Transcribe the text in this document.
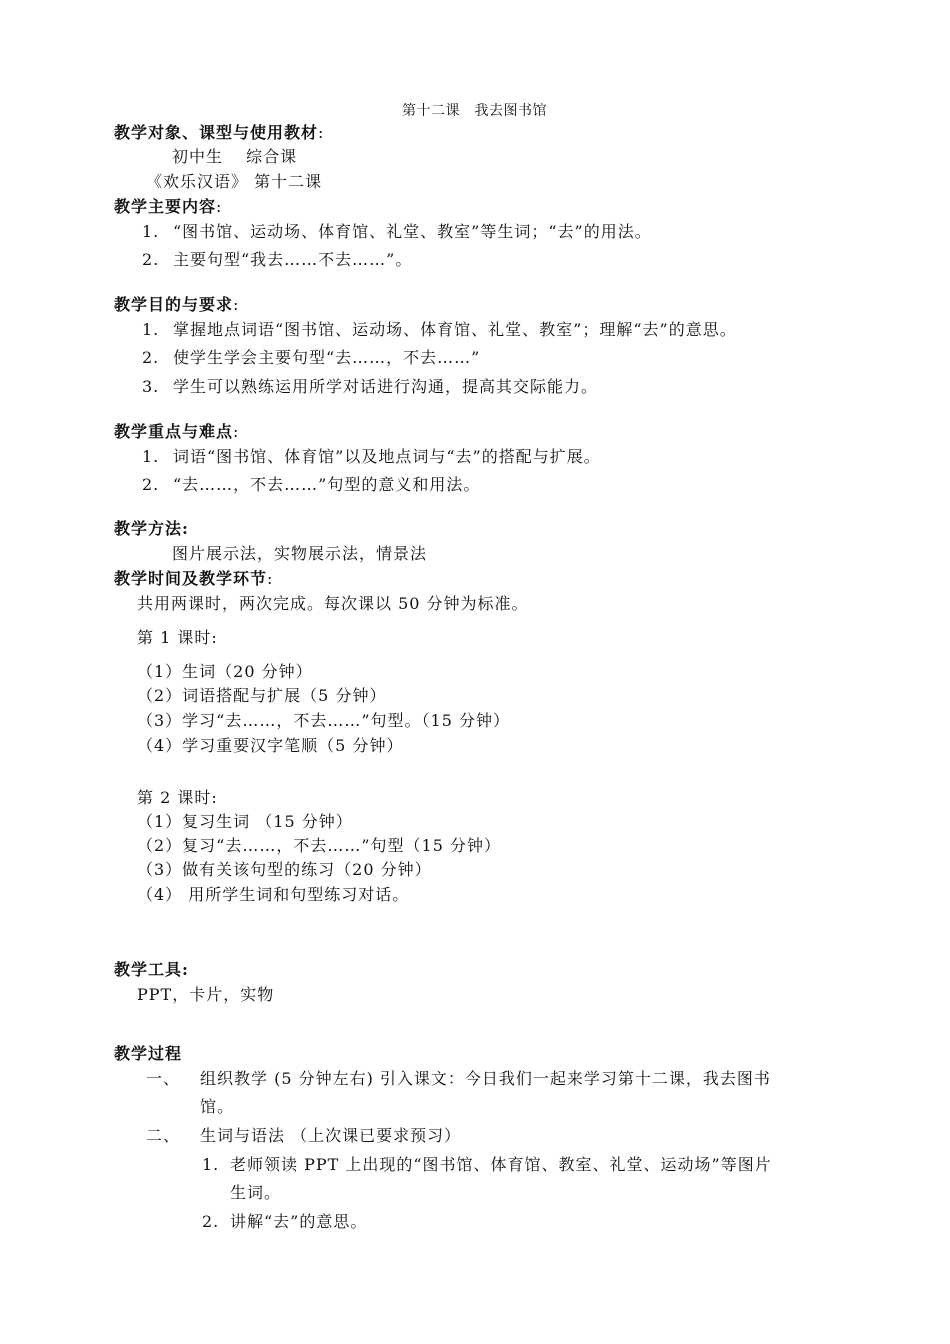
第十二课　我去图书馆
教学对象、课型与使用教材:
初中生　 综合课
《欢乐汉语》 第十二课
教学主要内容:
1. “图书馆、运动场、体育馆、礼堂、教室”等生词；“去”的用法。
2. 主要句型“我去……不去……”。
教学目的与要求:
1. 掌握地点词语“图书馆、运动场、体育馆、礼堂、教室”；理解“去”的意思。
2. 使学生学会主要句型“去……，不去……”
3. 学生可以熟练运用所学对话进行沟通，提高其交际能力。
教学重点与难点:
1. 词语“图书馆、体育馆”以及地点词与“去”的搭配与扩展。
2. “去……，不去……”句型的意义和用法。
教学方法:
图片展示法，实物展示法，情景法
教学时间及教学环节:
共用两课时，两次完成。每次课以 50 分钟为标准。
第 1 课时:
（1）生词（20 分钟）
（2）词语搭配与扩展（5 分钟）
（3）学习“去……，不去……”句型。（15 分钟）
（4）学习重要汉字笔顺（5 分钟）
第 2 课时:
（1）复习生词 （15 分钟）
（2）复习“去……，不去……”句型（15 分钟）
（3）做有关该句型的练习（20 分钟）
（4） 用所学生词和句型练习对话。
教学工具:
PPT，卡片，实物
教学过程
一、 组织教学 (5 分钟左右) 引入课文：今日我们一起来学习第十二课，我去图书
馆。
二、 生词与语法 （上次课已要求预习）
1. 老师领读 PPT 上出现的“图书馆、体育馆、教室、礼堂、运动场”等图片
生词。
2. 讲解“去”的意思。
